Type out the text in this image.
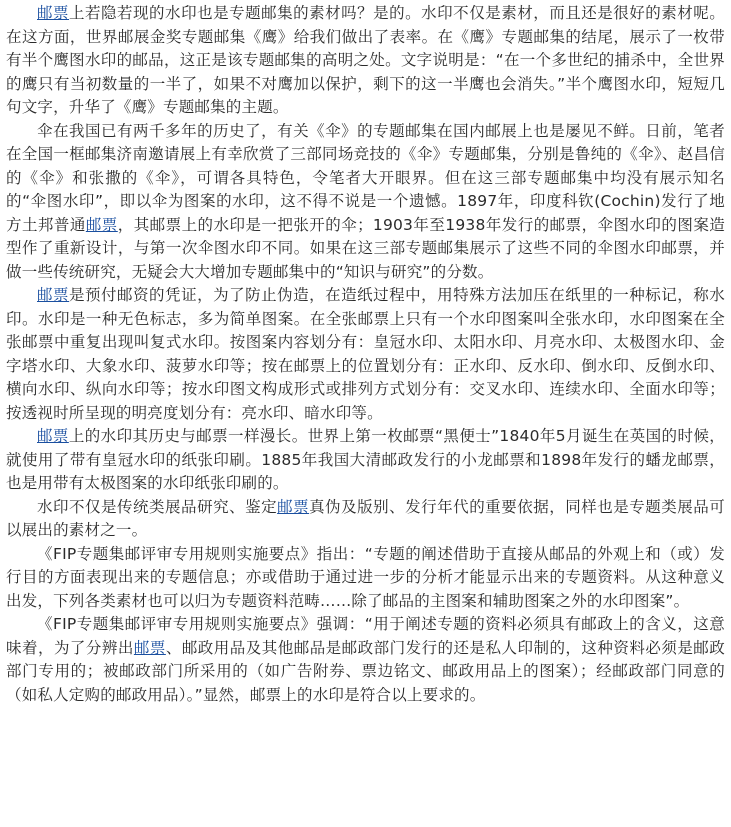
邮票上若隐若现的水印也是专题邮集的素材吗？是的。水印不仅是素材，而且还是很好的素材呢。在这方面，世界邮展金奖专题邮集《鹰》给我们做出了表率。在《鹰》专题邮集的结尾，展示了一枚带有半个鹰图水印的邮品，这正是该专题邮集的高明之处。文字说明是：“在一个多世纪的捕杀中，全世界的鹰只有当初数量的一半了，如果不对鹰加以保护，剩下的这一半鹰也会消失。”半个鹰图水印，短短几句文字，升华了《鹰》专题邮集的主题。

伞在我国已有两千多年的历史了，有关《伞》的专题邮集在国内邮展上也是屡见不鲜。日前，笔者在全国一框邮集济南邀请展上有幸欣赏了三部同场竞技的《伞》专题邮集，分别是鲁纯的《伞》、赵昌信的《伞》和张撒的《伞》，可谓各具特色，令笔者大开眼界。但在这三部专题邮集中均没有展示知名的“伞图水印”，即以伞为图案的水印，这不得不说是一个遗憾。1897年，印度科钦(Cochin)发行了地方土邦普通邮票，其邮票上的水印是一把张开的伞；1903年至1938年发行的邮票，伞图水印的图案造型作了重新设计，与第一次伞图水印不同。如果在这三部专题邮集展示了这些不同的伞图水印邮票，并做一些传统研究，无疑会大大增加专题邮集中的“知识与研究”的分数。

邮票是预付邮资的凭证，为了防止伪造，在造纸过程中，用特殊方法加压在纸里的一种标记，称水印。水印是一种无色标志，多为简单图案。在全张邮票上只有一个水印图案叫全张水印，水印图案在全张邮票中重复出现叫复式水印。按图案内容划分有：皇冠水印、太阳水印、月亮水印、太极图水印、金字塔水印、大象水印、菠萝水印等；按在邮票上的位置划分有：正水印、反水印、倒水印、反倒水印、横向水印、纵向水印等；按水印图文构成形式或排列方式划分有：交叉水印、连续水印、全面水印等；按透视时所呈现的明亮度划分有：亮水印、暗水印等。

邮票上的水印其历史与邮票一样漫长。世界上第一枚邮票“黑便士”1840年5月诞生在英国的时候，就使用了带有皇冠水印的纸张印刷。1885年我国大清邮政发行的小龙邮票和1898年发行的蟠龙邮票，也是用带有太极图案的水印纸张印刷的。

水印不仅是传统类展品研究、鉴定邮票真伪及版别、发行年代的重要依据，同样也是专题类展品可以展出的素材之一。

《FIP专题集邮评审专用规则实施要点》指出：“专题的阐述借助于直接从邮品的外观上和（或）发行目的方面表现出来的专题信息；亦或借助于通过进一步的分析才能显示出来的专题资料。从这种意义出发，下列各类素材也可以归为专题资料范畴……除了邮品的主图案和辅助图案之外的水印图案”。

《FIP专题集邮评审专用规则实施要点》强调：“用于阐述专题的资料必须具有邮政上的含义，这意味着，为了分辨出邮票、邮政用品及其他邮品是邮政部门发行的还是私人印制的，这种资料必须是邮政部门专用的；被邮政部门所采用的（如广告附券、票边铭文、邮政用品上的图案）；经邮政部门同意的（如私人定购的邮政用品）。”显然，邮票上的水印是符合以上要求的。
